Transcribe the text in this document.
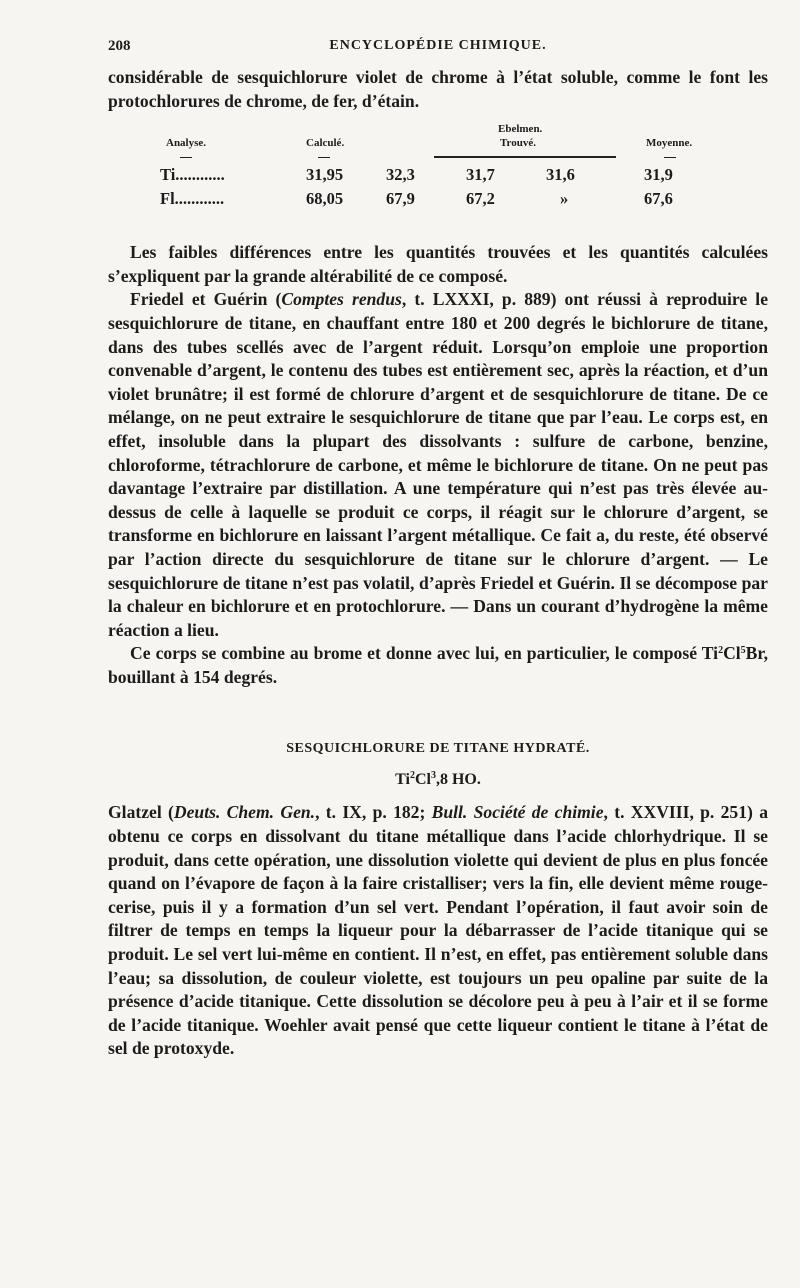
208	ENCYCLOPÉDIE CHIMIQUE.

considérable de sesquichlorure violet de chrome à l’état soluble, comme le font les protochlorures de chrome, de fer, d’étain.

Analyse.	Calculé.
Ebelmen.
Trouvé.	Moyenne.
Ti............	31,95	32,3	31,7	31,6	31,9
Fl............	68,05	67,9	67,2	»	67,6

Les faibles différences entre les quantités trouvées et les quantités calculées s’expliquent par la grande altérabilité de ce composé.

Friedel et Guérin (Comptes rendus, t. LXXXI, p. 889) ont réussi à reproduire le sesquichlorure de titane, en chauffant entre 180 et 200 degrés le bichlorure de titane, dans des tubes scellés avec de l’argent réduit. Lorsqu’on emploie une proportion convenable d’argent, le contenu des tubes est entièrement sec, après la réaction, et d’un violet brunâtre; il est formé de chlorure d’argent et de sesquichlorure de titane. De ce mélange, on ne peut extraire le sesquichlorure de titane que par l’eau. Le corps est, en effet, insoluble dans la plupart des dissolvants : sulfure de carbone, benzine, chloroforme, tétrachlorure de carbone, et même le bichlorure de titane. On ne peut pas davantage l’extraire par distillation. A une température qui n’est pas très élevée au-dessus de celle à laquelle se produit ce corps, il réagit sur le chlorure d’argent, se transforme en bichlorure en laissant l’argent métallique. Ce fait a, du reste, été observé par l’action directe du sesquichlorure de titane sur le chlorure d’argent. — Le sesquichlorure de titane n’est pas volatil, d’après Friedel et Guérin. Il se décompose par la chaleur en bichlorure et en protochlorure. — Dans un courant d’hydrogène la même réaction a lieu.

Ce corps se combine au brome et donne avec lui, en particulier, le composé Ti$^2$Cl$^5$Br, bouillant à 154 degrés.

SESQUICHLORURE DE TITANE HYDRATÉ.
Ti$^2$Cl$^3$,8 HO.

Glatzel (Deuts. Chem. Gen., t. IX, p. 182; Bull. Société de chimie, t. XXVIII, p. 251) a obtenu ce corps en dissolvant du titane métallique dans l’acide chlorhydrique. Il se produit, dans cette opération, une dissolution violette qui devient de plus en plus foncée quand on l’évapore de façon à la faire cristalliser; vers la fin, elle devient même rouge-cerise, puis il y a formation d’un sel vert. Pendant l’opération, il faut avoir soin de filtrer de temps en temps la liqueur pour la débarrasser de l’acide titanique qui se produit. Le sel vert lui-même en contient. Il n’est, en effet, pas entièrement soluble dans l’eau; sa dissolution, de couleur violette, est toujours un peu opaline par suite de la présence d’acide titanique. Cette dissolution se décolore peu à peu à l’air et il se forme de l’acide titanique. Woehler avait pensé que cette liqueur contient le titane à l’état de sel de protoxyde.
